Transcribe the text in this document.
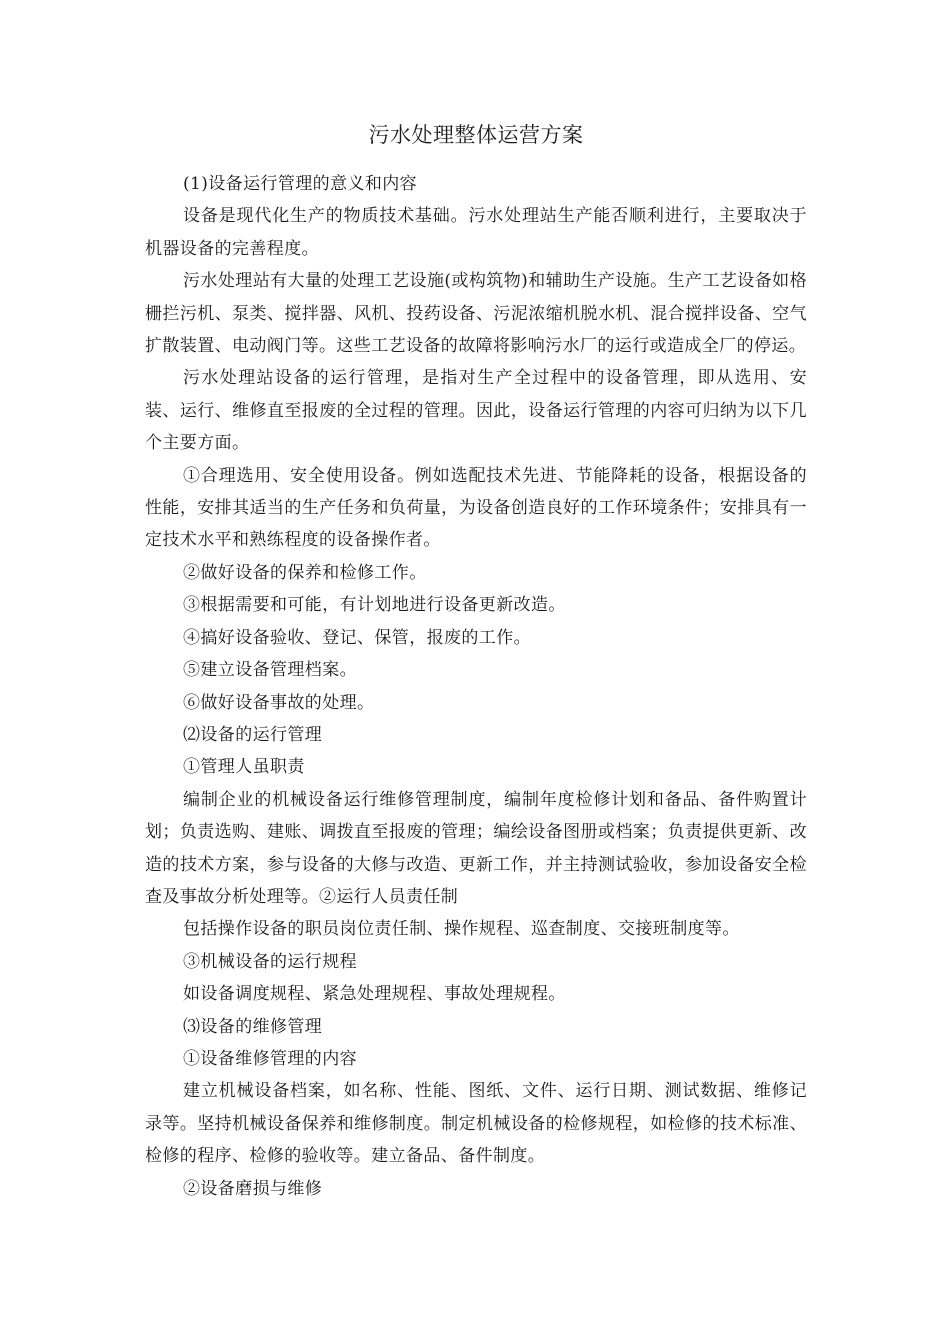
污水处理整体运营方案

(1)设备运行管理的意义和内容

设备是现代化生产的物质技术基础。污水处理站生产能否顺利进行，主要取决于机器设备的完善程度。

污水处理站有大量的处理工艺设施(或构筑物)和辅助生产设施。生产工艺设备如格栅拦污机、泵类、搅拌器、风机、投药设备、污泥浓缩机脱水机、混合搅拌设备、空气扩散装置、电动阀门等。这些工艺设备的故障将影响污水厂的运行或造成全厂的停运。

污水处理站设备的运行管理，是指对生产全过程中的设备管理，即从选用、安装、运行、维修直至报废的全过程的管理。因此，设备运行管理的内容可归纳为以下几个主要方面。

①合理选用、安全使用设备。例如选配技术先进、节能降耗的设备，根据设备的性能，安排其适当的生产任务和负荷量，为设备创造良好的工作环境条件；安排具有一定技术水平和熟练程度的设备操作者。

②做好设备的保养和检修工作。

③根据需要和可能，有计划地进行设备更新改造。

④搞好设备验收、登记、保管，报废的工作。

⑤建立设备管理档案。

⑥做好设备事故的处理。

⑵设备的运行管理

①管理人虽职责

编制企业的机械设备运行维修管理制度，编制年度检修计划和备品、备件购置计划；负责选购、建账、调拨直至报废的管理；编绘设备图册或档案；负责提供更新、改造的技术方案，参与设备的大修与改造、更新工作，并主持测试验收，参加设备安全检查及事故分析处理等。②运行人员责任制

包括操作设备的职员岗位责任制、操作规程、巡查制度、交接班制度等。

③机械设备的运行规程

如设备调度规程、紧急处理规程、事故处理规程。

⑶设备的维修管理

①设备维修管理的内容

建立机械设备档案，如名称、性能、图纸、文件、运行日期、测试数据、维修记录等。坚持机械设备保养和维修制度。制定机械设备的检修规程，如检修的技术标准、检修的程序、检修的验收等。建立备品、备件制度。

②设备磨损与维修
